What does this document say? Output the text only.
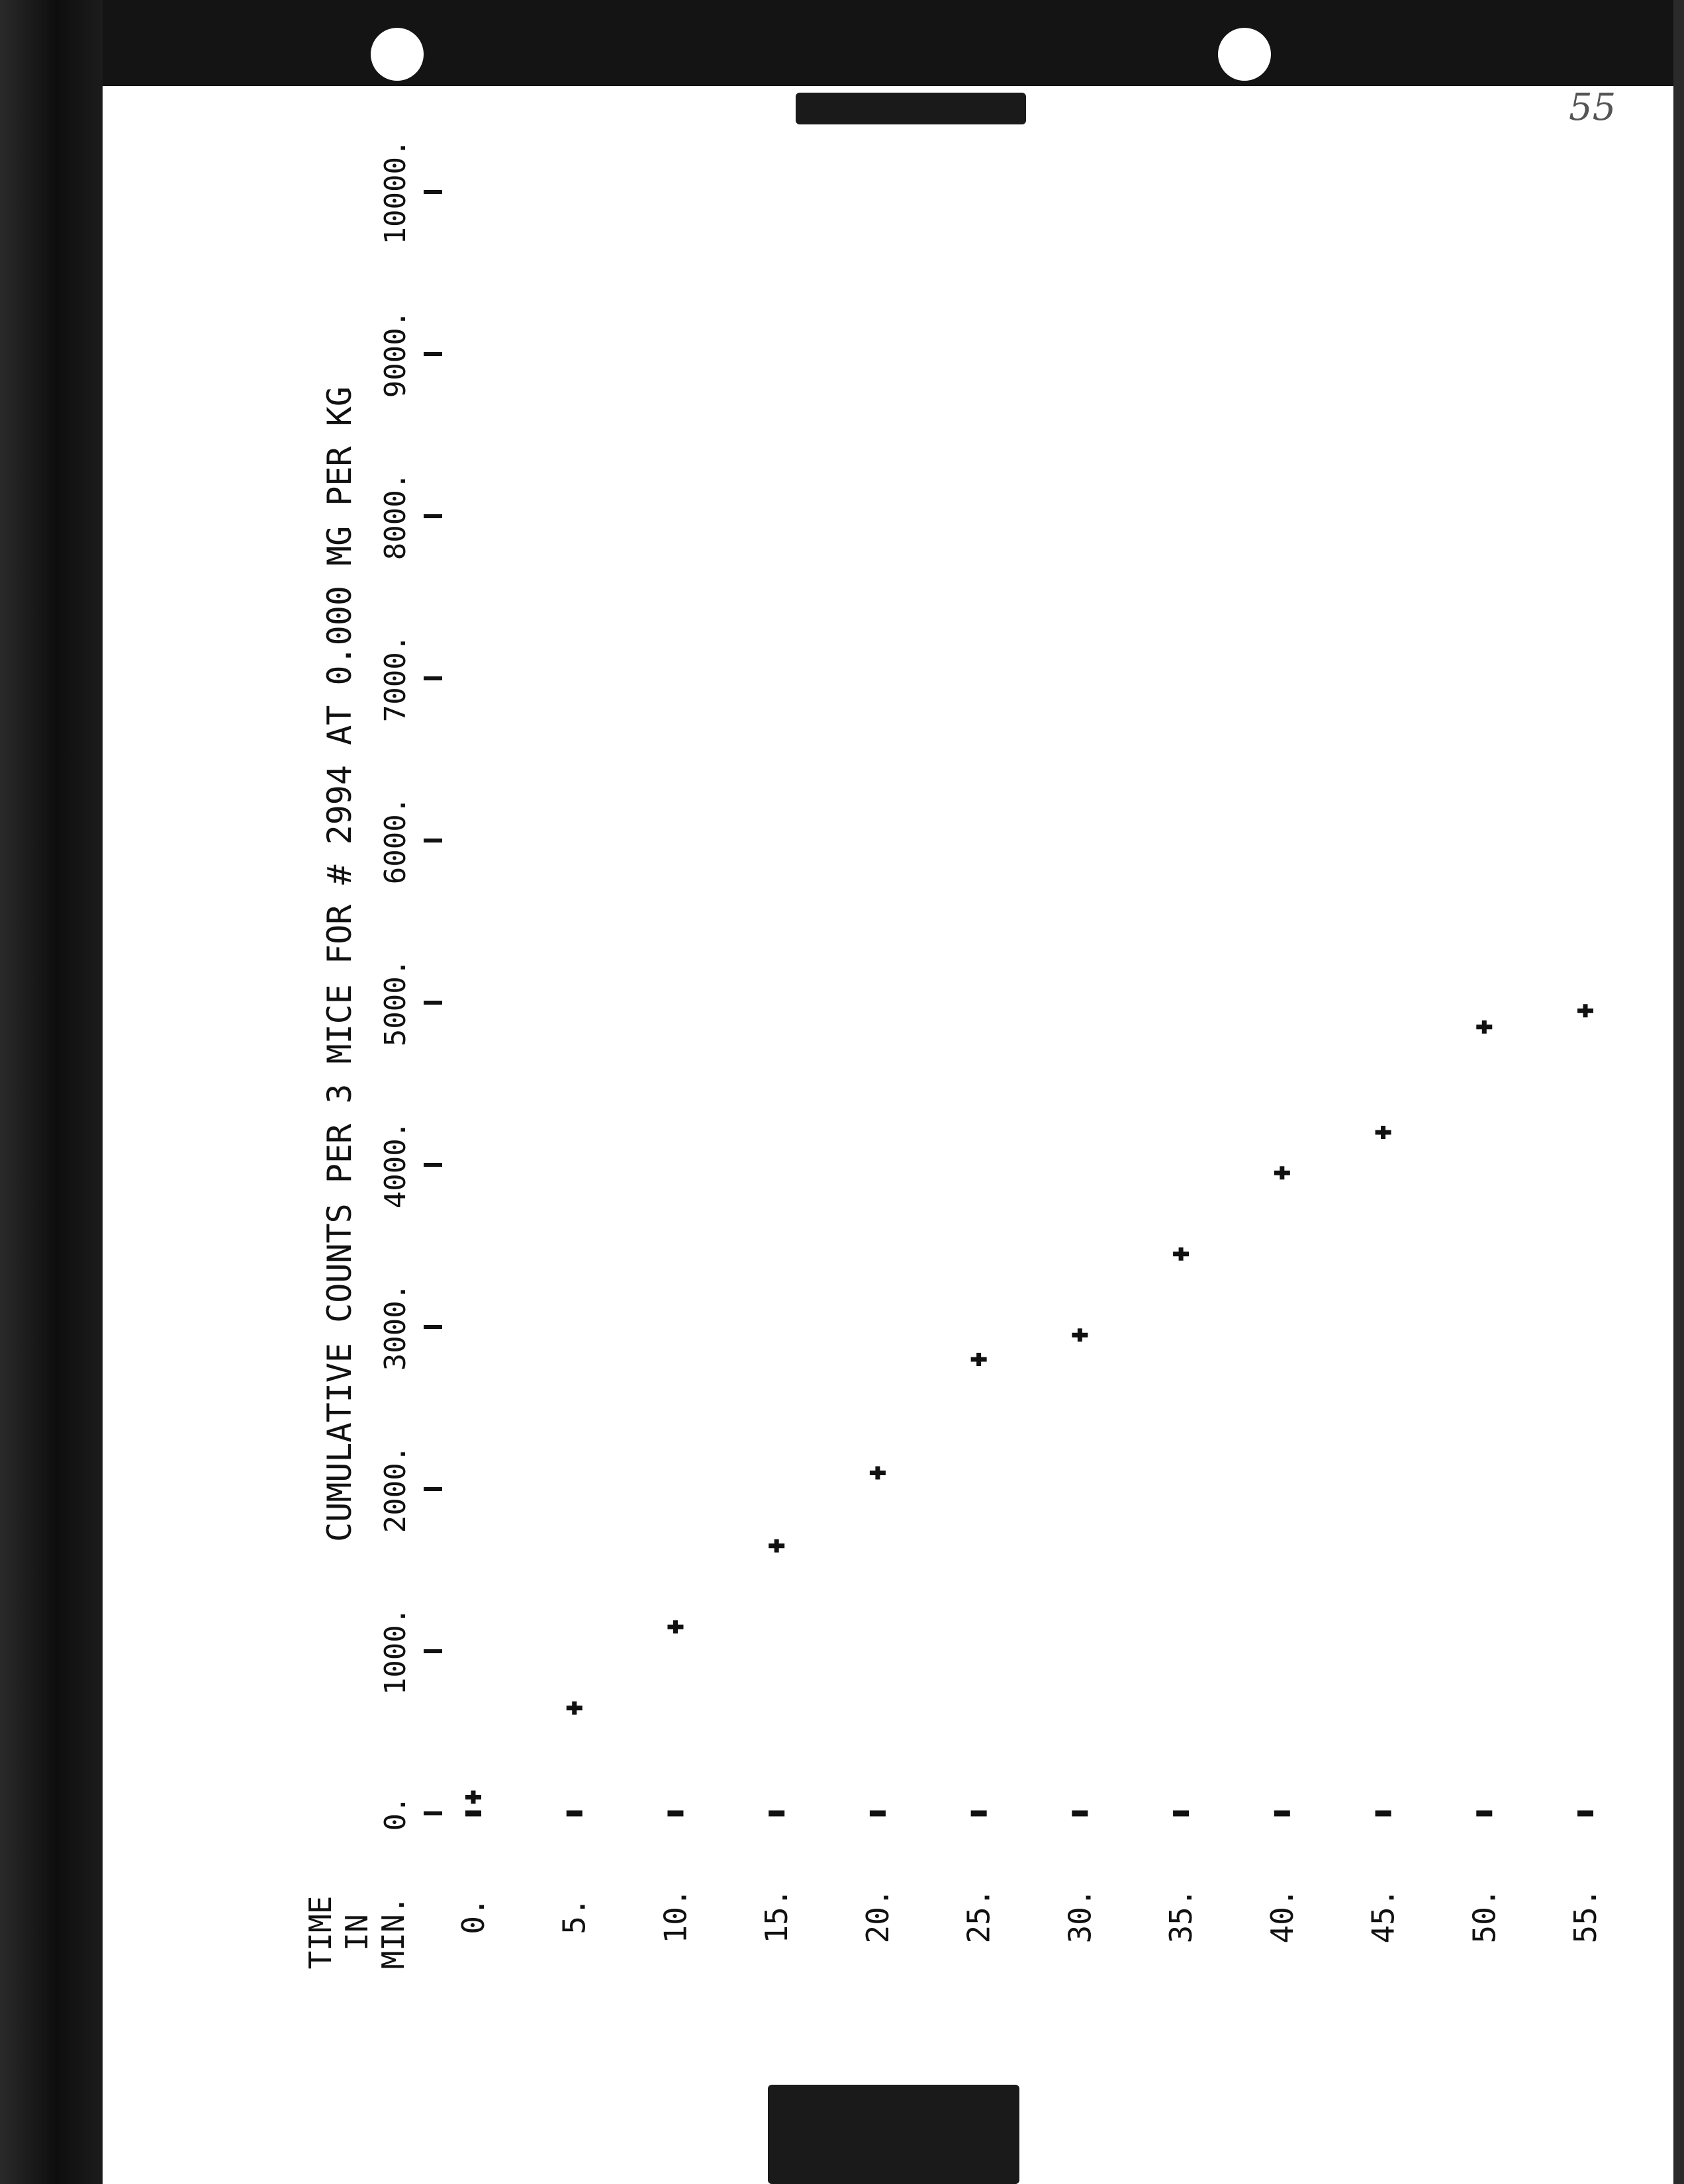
55
CUMULATIVE COUNTS PER 3 MICE FOR # 2994 AT 0.000 MG PER KG
TIME IN MIN. 0. 5. 10. 15. 20. 25. 30. 35. 40. 45. 50. 55.
0.
1000.
2000.
3000.
4000.
5000.
6000.
7000.
8000.
9000.
10000.
